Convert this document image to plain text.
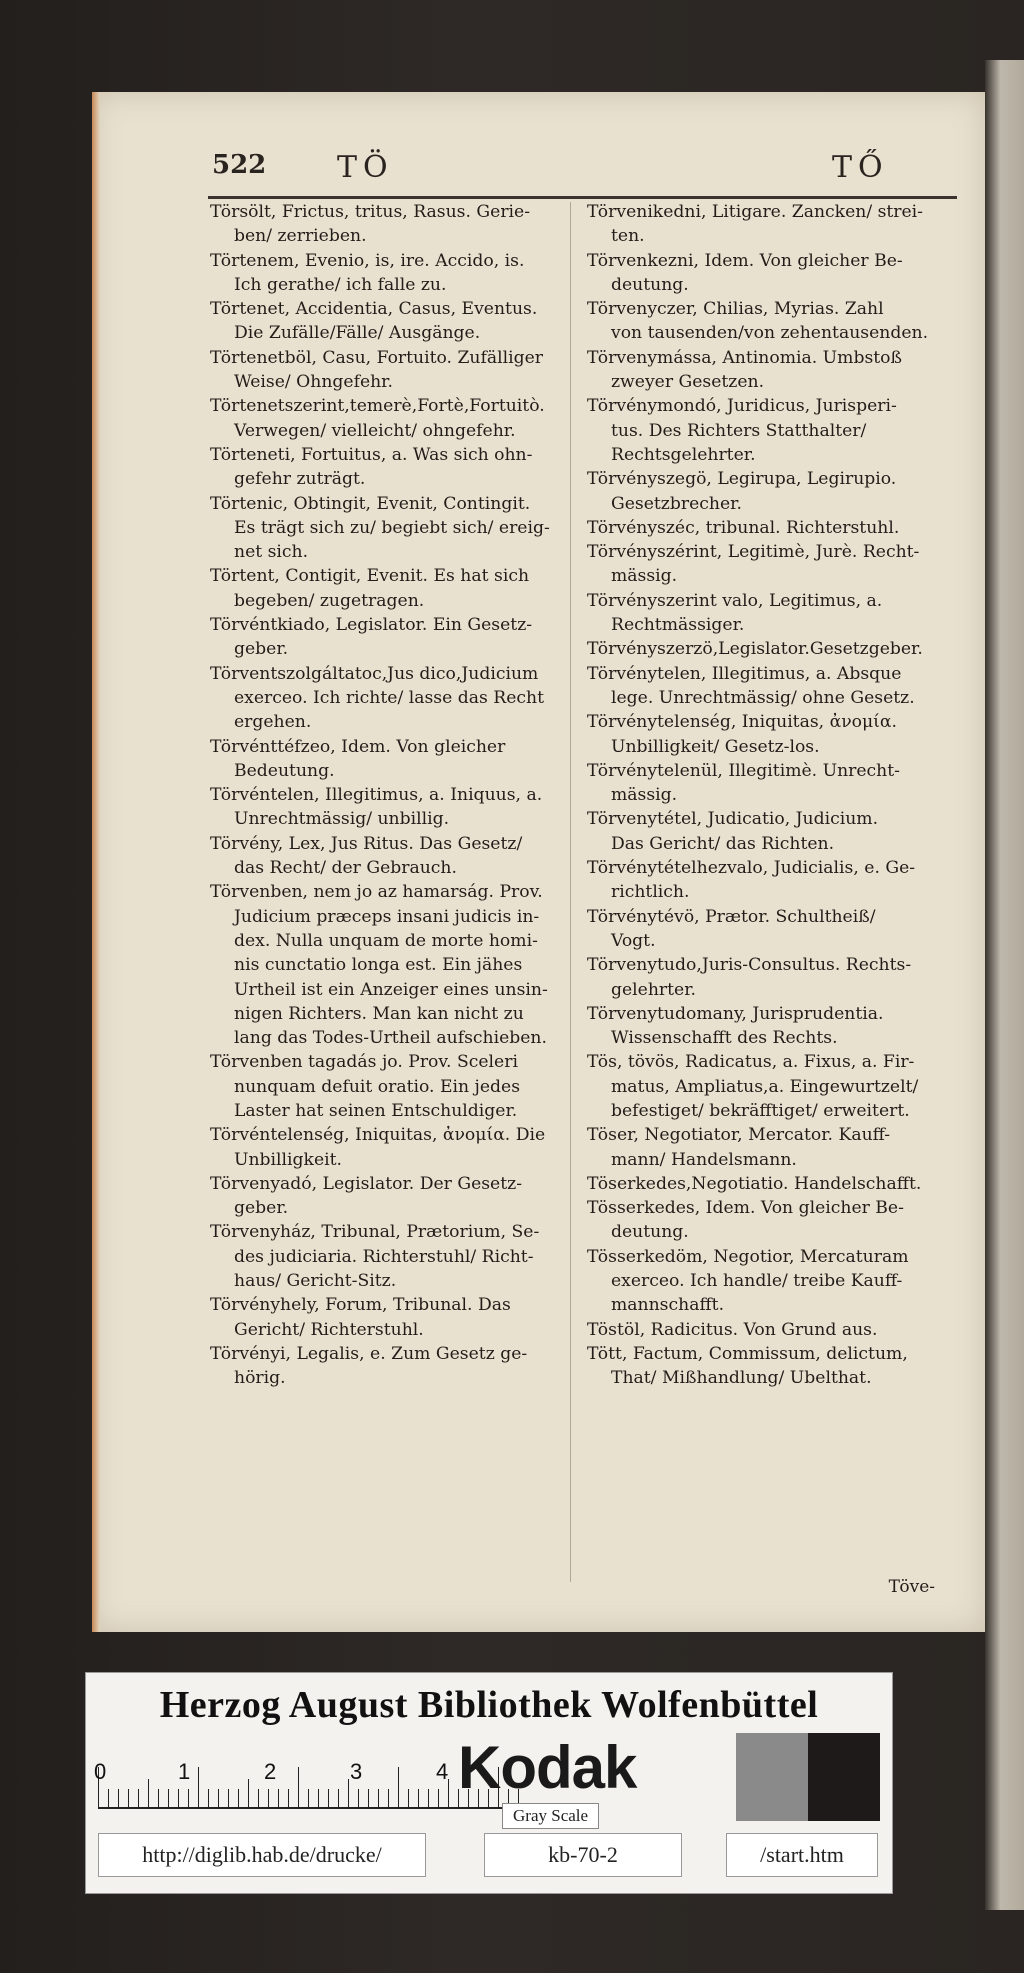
522 TÖ	TŐ

Törsölt, Frictus, tritus, Rasus. Gerie-

ben/ zerrieben.

Törtenem, Evenio, is, ire. Accido, is.

Ich gerathe/ ich falle zu.

Törtenet, Accidentia, Casus, Eventus.

Die Zufälle/Fälle/ Ausgänge.

Törtenetböl, Casu, Fortuito. Zufälliger

Weise/ Ohngefehr.

Törtenetszerint,temerè,Fortè,Fortuitò.

Verwegen/ vielleicht/ ohngefehr.

Törteneti, Fortuitus, a. Was sich ohn-

gefehr zuträgt.

Törtenic, Obtingit, Evenit, Contingit.

Es trägt sich zu/ begiebt sich/ ereig-

net sich.

Törtent, Contigit, Evenit. Es hat sich

begeben/ zugetragen.

Törvéntkiado, Legislator. Ein Gesetz-

geber.

Törventszolgáltatoc,Jus dico,Judicium

exerceo. Ich richte/ lasse das Recht

ergehen.

Törvénttéfzeo, Idem. Von gleicher

Bedeutung.

Törvéntelen, Illegitimus, a. Iniquus, a.

Unrechtmässig/ unbillig.

Törvény, Lex, Jus Ritus. Das Gesetz/

das Recht/ der Gebrauch.

Törvenben, nem jo az hamarság. Prov.

Judicium præceps insani judicis in-

dex. Nulla unquam de morte homi-

nis cunctatio longa est. Ein jähes

Urtheil ist ein Anzeiger eines unsin-

nigen Richters. Man kan nicht zu

lang das Todes-Urtheil aufschieben.

Törvenben tagadás jo. Prov. Sceleri

nunquam defuit oratio. Ein jedes

Laster hat seinen Entschuldiger.

Törvéntelenség, Iniquitas, ἀνομία. Die

Unbilligkeit.

Törvenyadó, Legislator. Der Gesetz-

geber.

Törvenyház, Tribunal, Prætorium, Se-

des judiciaria. Richterstuhl/ Richt-

haus/ Gericht-Sitz.

Törvényhely, Forum, Tribunal. Das

Gericht/ Richterstuhl.

Törvényi, Legalis, e. Zum Gesetz ge-

hörig.

Törvenikedni, Litigare. Zancken/ strei-

ten.

Törvenkezni, Idem. Von gleicher Be-

deutung.

Törvenyczer, Chilias, Myrias. Zahl

von tausenden/von zehentausenden.

Törvenymássa, Antinomia. Umbstoß

zweyer Gesetzen.

Törvénymondó, Juridicus, Jurisperi-

tus. Des Richters Statthalter/

Rechtsgelehrter.

Törvényszegö, Legirupa, Legirupio.

Gesetzbrecher.

Törvényszéc, tribunal. Richterstuhl.

Törvényszérint, Legitimè, Jurè. Recht-

mässig.

Törvényszerint valo, Legitimus, a.

Rechtmässiger.

Törvényszerzö,Legislator.Gesetzgeber.

Törvénytelen, Illegitimus, a. Absque

lege. Unrechtmässig/ ohne Gesetz.

Törvénytelenség, Iniquitas, ἀνομία.

Unbilligkeit/ Gesetz-los.

Törvénytelenül, Illegitimè. Unrecht-

mässig.

Törvenytétel, Judicatio, Judicium.

Das Gericht/ das Richten.

Törvénytételhezvalo, Judicialis, e. Ge-

richtlich.

Törvénytévö, Prætor. Schultheiß/

Vogt.

Törvenytudo,Juris-Consultus. Rechts-

gelehrter.

Törvenytudomany, Jurisprudentia.

Wissenschafft des Rechts.

Tös, tövös, Radicatus, a. Fixus, a. Fir-

matus, Ampliatus,a. Eingewurtzelt/

befestiget/ bekräfftiget/ erweitert.

Töser, Negotiator, Mercator. Kauff-

mann/ Handelsmann.

Töserkedes,Negotiatio. Handelschafft.

Tösserkedes, Idem. Von gleicher Be-

deutung.

Tösserkedöm, Negotior, Mercaturam

exerceo. Ich handle/ treibe Kauff-

mannschafft.

Töstöl, Radicitus. Von Grund aus.

Tött, Factum, Commissum, delictum,

That/ Mißhandlung/ Ubelthat.

Töve-
Herzog August Bibliothek Wolfenbüttel
0	1	2	3	4 Kodak
Gray Scale
http://diglib.hab.de/drucke/	kb-70-2	/start.htm
